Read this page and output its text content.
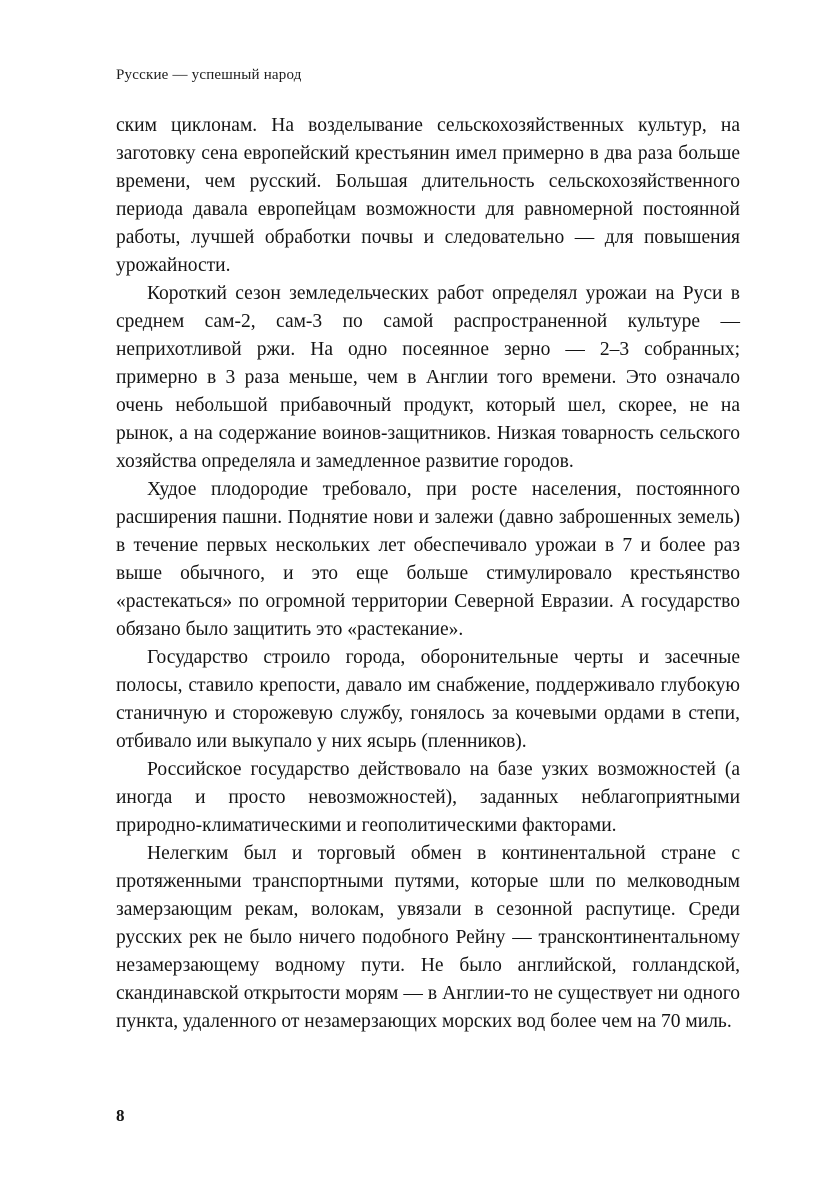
Русские — успешный народ

ским циклонам. На возделывание сельскохозяйственных культур, на заготовку сена европейский крестьянин имел примерно в два раза больше времени, чем русский. Большая длительность сельскохозяйственного периода давала европейцам возможности для равномерной постоянной работы, лучшей обработки почвы и следовательно — для повышения урожайности.

Короткий сезон земледельческих работ определял урожаи на Руси в среднем сам-2, сам-3 по самой распространенной культуре — неприхотливой ржи. На одно посеянное зерно — 2–3 собранных; примерно в 3 раза меньше, чем в Англии того времени. Это означало очень небольшой прибавочный продукт, который шел, скорее, не на рынок, а на содержание воинов-защитников. Низкая товарность сельского хозяйства определяла и замедленное развитие городов.

Худое плодородие требовало, при росте населения, постоянного расширения пашни. Поднятие нови и залежи (давно заброшенных земель) в течение первых нескольких лет обеспечивало урожаи в 7 и более раз выше обычного, и это еще больше стимулировало крестьянство «растекаться» по огромной территории Северной Евразии. А государство обязано было защитить это «растекание».

Государство строило города, оборонительные черты и засечные полосы, ставило крепости, давало им снабжение, поддерживало глубокую станичную и сторожевую службу, гонялось за кочевыми ордами в степи, отбивало или выкупало у них ясырь (пленников).

Российское государство действовало на базе узких возможностей (а иногда и просто невозможностей), заданных неблагоприятными природно-климатическими и геополитическими факторами.

Нелегким был и торговый обмен в континентальной стране с протяженными транспортными путями, которые шли по мелководным замерзающим рекам, волокам, увязали в сезонной распутице. Среди русских рек не было ничего подобного Рейну — трансконтинентальному незамерзающему водному пути. Не было английской, голландской, скандинавской открытости морям — в Англии-то не существует ни одного пункта, удаленного от незамерзающих морских вод более чем на 70 миль.

8
